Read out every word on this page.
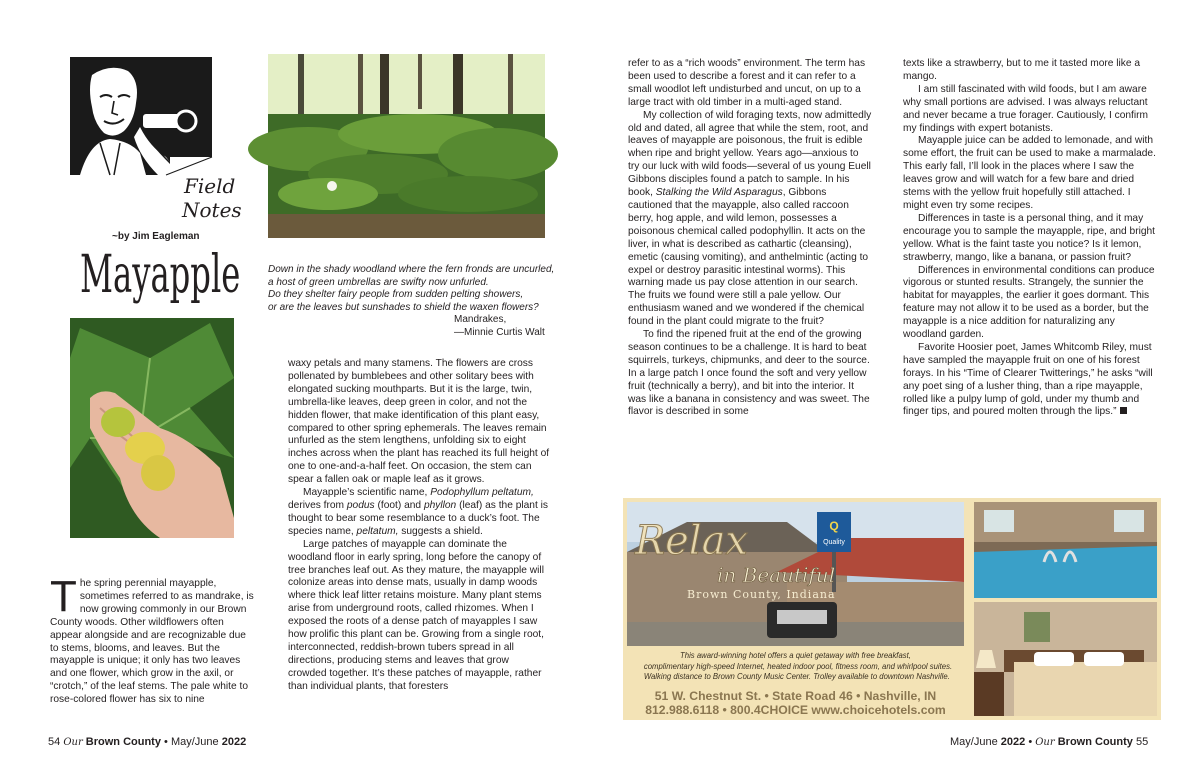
Field
Notes
~by Jim Eagleman
Mayapple	Down in the shady woodland where the fern fronds are uncurled,
a host of green umbrellas are swifty now unfurled.
Do they shelter fairy people from sudden pelting showers,
or are the leaves but sunshades to shield the waxen flowers?
Mandrakes,
—Minnie Curtis Walt
T he spring perennial mayapple, sometimes referred to as mandrake, is now growing commonly in our Brown County woods. Other wildflowers often appear alongside and are recognizable due to stems, blooms, and leaves. But the mayapple is unique; it only has two leaves and one flower, which grow in the axil, or “crotch,” of the leaf stems. The pale white to rose-colored flower has six to nine

waxy petals and many stamens. The flowers are cross pollenated by bumblebees and other solitary bees with elongated sucking mouthparts. But it is the large, twin, umbrella-like leaves, deep green in color, and not the hidden flower, that make identification of this plant easy, compared to other spring ephemerals. The leaves remain unfurled as the stem lengthens, unfolding six to eight inches across when the plant has reached its full height of one to one-and-a-half feet. On occasion, the stem can spear a fallen oak or maple leaf as it grows.

Mayapple’s scientific name, Podophyllum peltatum, derives from podus (foot) and phyllon (leaf) as the plant is thought to bear some resemblance to a duck’s foot. The species name, peltatum, suggests a shield.

Large patches of mayapple can dominate the woodland floor in early spring, long before the canopy of tree branches leaf out. As they mature, the mayapple will colonize areas into dense mats, usually in damp woods where thick leaf litter retains moisture. Many plant stems arise from underground roots, called rhizomes. When I exposed the roots of a dense patch of mayapples I saw how prolific this plant can be. Growing from a single root, interconnected, reddish-brown tubers spread in all directions, producing stems and leaves that grow crowded together. It’s these patches of mayapple, rather than individual plants, that foresters

refer to as a “rich woods” environment. The term has been used to describe a forest and it can refer to a small woodlot left undisturbed and uncut, on up to a large tract with old timber in a multi-aged stand.

My collection of wild foraging texts, now admittedly old and dated, all agree that while the stem, root, and leaves of mayapple are poisonous, the fruit is edible when ripe and bright yellow. Years ago—anxious to try our luck with wild foods—several of us young Euell Gibbons disciples found a patch to sample. In his book, Stalking the Wild Asparagus, Gibbons cautioned that the mayapple, also called raccoon berry, hog apple, and wild lemon, possesses a poisonous chemical called podophyllin. It acts on the liver, in what is described as cathartic (cleansing), emetic (causing vomiting), and anthelmintic (acting to expel or destroy parasitic intestinal worms). This warning made us pay close attention in our search. The fruits we found were still a pale yellow. Our enthusiasm waned and we wondered if the chemical found in the plant could migrate to the fruit?

To find the ripened fruit at the end of the growing season continues to be a challenge. It is hard to beat squirrels, turkeys, chipmunks, and deer to the source. In a large patch I once found the soft and very yellow fruit (technically a berry), and bit into the interior. It was like a banana in consistency and was sweet. The flavor is described in some

texts like a strawberry, but to me it tasted more like a mango.

I am still fascinated with wild foods, but I am aware why small portions are advised. I was always reluctant and never became a true forager. Cautiously, I confirm my findings with expert botanists.

Mayapple juice can be added to lemonade, and with some effort, the fruit can be used to make a marmalade. This early fall, I’ll look in the places where I saw the leaves grow and will watch for a few bare and dried stems with the yellow fruit hopefully still attached. I might even try some recipes.

Differences in taste is a personal thing, and it may encourage you to sample the mayapple, ripe, and bright yellow. What is the faint taste you notice? Is it lemon, strawberry, mango, like a banana, or passion fruit?

Differences in environmental conditions can produce vigorous or stunted results. Strangely, the sunnier the habitat for mayapples, the earlier it goes dormant. This feature may not allow it to be used as a border, but the mayapple is a nice addition for naturalizing any woodland garden.

Favorite Hoosier poet, James Whitcomb Riley, must have sampled the mayapple fruit on one of his forest forays. In his “Time of Clearer Twitterings,” he asks “will any poet sing of a lusher thing, than a ripe mayapple, rolled like a pulpy lump of gold, under my thumb and finger tips, and poured molten through the lips.”

Q
Quality
Relax
in Beautiful
Brown County, Indiana
This award-winning hotel offers a quiet getaway with free breakfast,
complimentary high-speed Internet, heated indoor pool, fitness room, and whirlpool suites.
Walking distance to Brown County Music Center. Trolley available to downtown Nashville.
51 W. Chestnut St. • State Road 46 • Nashville, IN
812.988.6118 • 800.4CHOICE www.choicehotels.com
54 Our Brown County • May/June 2022	May/June 2022 • Our Brown County 55
